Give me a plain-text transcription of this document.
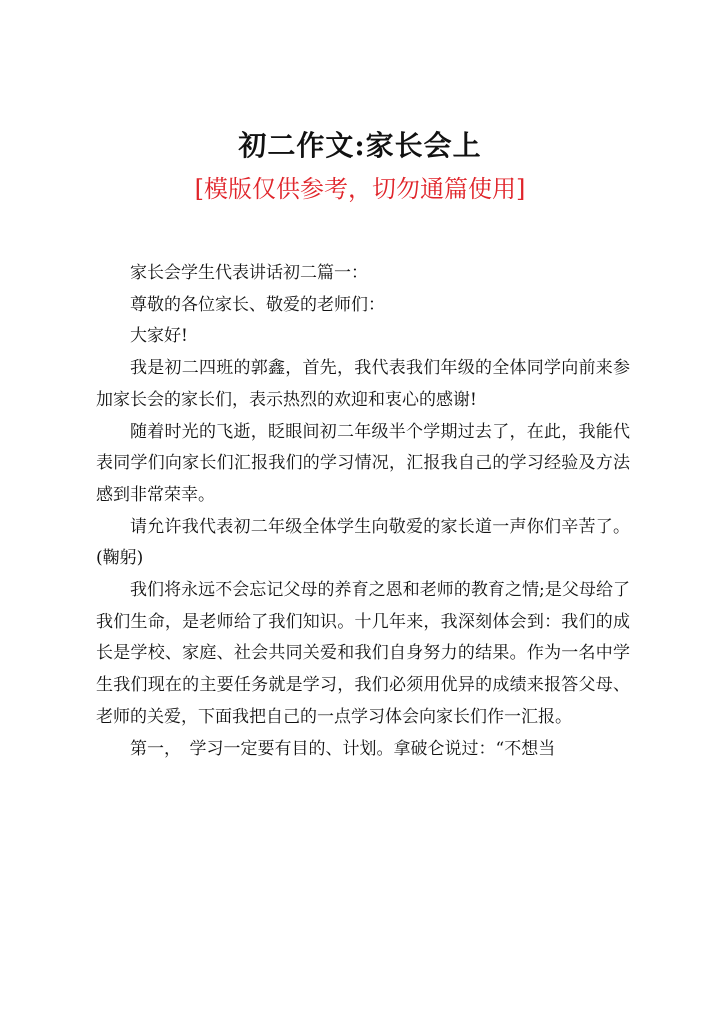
初二作文:家长会上
[模版仅供参考，切勿通篇使用]

家长会学生代表讲话初二篇一：

尊敬的各位家长、敬爱的老师们：

大家好!

我是初二四班的郭鑫，首先，我代表我们年级的全体同学向前来参加家长会的家长们，表示热烈的欢迎和衷心的感谢!

随着时光的飞逝，眨眼间初二年级半个学期过去了，在此，我能代表同学们向家长们汇报我们的学习情况，汇报我自己的学习经验及方法感到非常荣幸。

请允许我代表初二年级全体学生向敬爱的家长道一声你们辛苦了。(鞠躬)

我们将永远不会忘记父母的养育之恩和老师的教育之情;是父母给了我们生命，是老师给了我们知识。十几年来，我深刻体会到：我们的成长是学校、家庭、社会共同关爱和我们自身努力的结果。作为一名中学生我们现在的主要任务就是学习，我们必须用优异的成绩来报答父母、老师的关爱，下面我把自己的一点学习体会向家长们作一汇报。

第一，　学习一定要有目的、计划。拿破仑说过：“不想当
